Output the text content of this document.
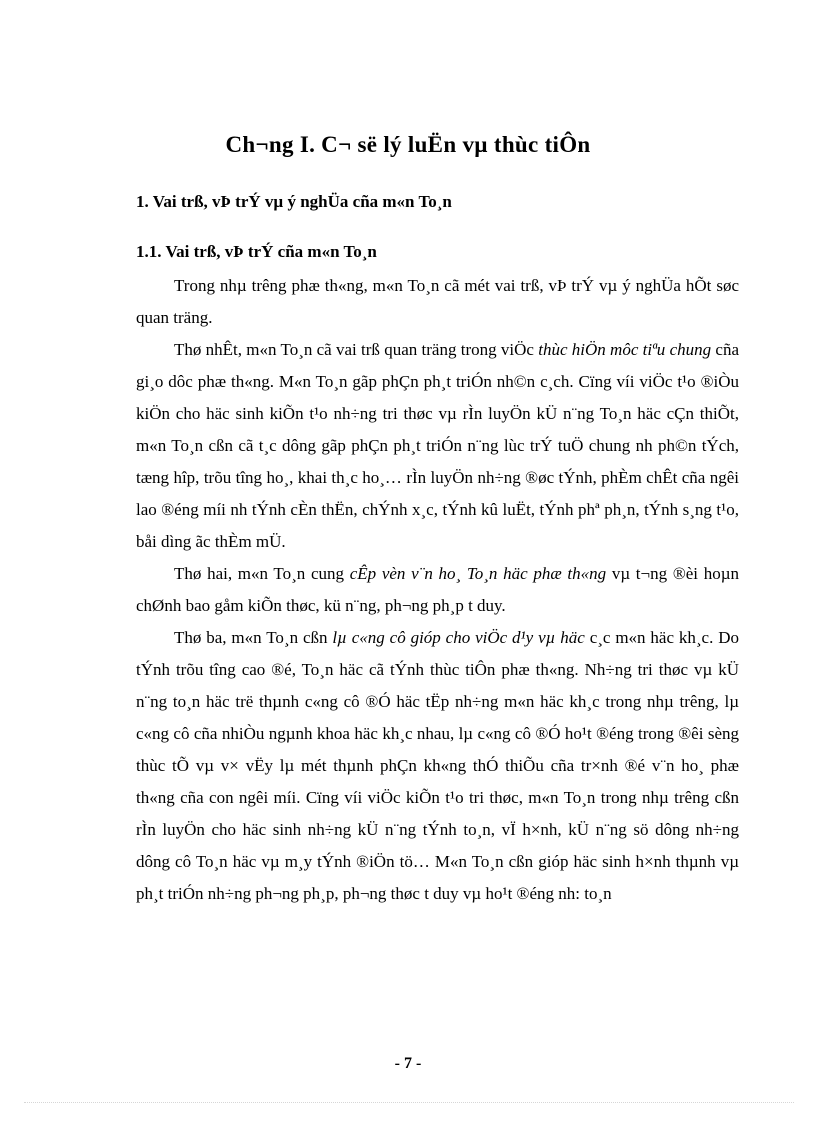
Ch¬ng I. C¬ së lý luËn vµ thùc tiÔn
1. Vai trß, vÞ trÝ vµ ý nghÜa cña m«n To¸n
1.1. Vai trß, vÞ trÝ cña m«n To¸n

Trong nhµ trêng phæ th«ng, m«n To¸n cã mét vai trß, vÞ trÝ vµ ý nghÜa hÕt søc quan träng.

Thø nhÊt, m«n To¸n cã vai trß quan träng trong viÖc thùc hiÖn môc tiªu chung cña gi¸o dôc phæ th«ng. M«n To¸n gãp phÇn ph¸t triÓn nh©n c¸ch. Cïng víi viÖc t¹o ®iÒu kiÖn cho häc sinh kiÕn t¹o nh÷ng tri thøc vµ rÌn luyÖn kÜ n¨ng To¸n häc cÇn thiÕt, m«n To¸n cßn cã t¸c dông gãp phÇn ph¸t triÓn n¨ng lùc trÝ tuÖ chung nh ph©n tÝch, tæng hîp, trõu tîng ho¸, khai th¸c ho¸… rÌn luyÖn nh÷ng ®øc tÝnh, phÈm chÊt cña ngêi lao ®éng míi nh tÝnh cÈn thËn, chÝnh x¸c, tÝnh kû luËt, tÝnh phª ph¸n, tÝnh s¸ng t¹o, båi dìng ãc thÈm mÜ.

Thø hai, m«n To¸n cung cÊp vèn v¨n ho¸ To¸n häc phæ th«ng vµ t¬ng ®èi hoµn chØnh bao gåm kiÕn thøc, kü n¨ng, ph¬ng ph¸p t duy.

Thø ba, m«n To¸n cßn lµ c«ng cô gióp cho viÖc d¹y vµ häc c¸c m«n häc kh¸c. Do tÝnh trõu tîng cao ®é, To¸n häc cã tÝnh thùc tiÔn phæ th«ng. Nh÷ng tri thøc vµ kÜ n¨ng to¸n häc trë thµnh c«ng cô ®Ó häc tËp nh÷ng m«n häc kh¸c trong nhµ trêng, lµ c«ng cô cña nhiÒu ngµnh khoa häc kh¸c nhau, lµ c«ng cô ®Ó ho¹t ®éng trong ®êi sèng thùc tÕ vµ v× vËy lµ mét thµnh phÇn kh«ng thÓ thiÕu cña tr×nh ®é v¨n ho¸ phæ th«ng cña con ngêi míi. Cïng víi viÖc kiÕn t¹o tri thøc, m«n To¸n trong nhµ trêng cßn rÌn luyÖn cho häc sinh nh÷ng kÜ n¨ng tÝnh to¸n, vÏ h×nh, kÜ n¨ng sö dông nh÷ng dông cô To¸n häc vµ m¸y tÝnh ®iÖn tö… M«n To¸n cßn gióp häc sinh h×nh thµnh vµ ph¸t triÓn nh÷ng ph¬ng ph¸p, ph¬ng thøc t duy vµ ho¹t ®éng nh: to¸n

- 7 -
